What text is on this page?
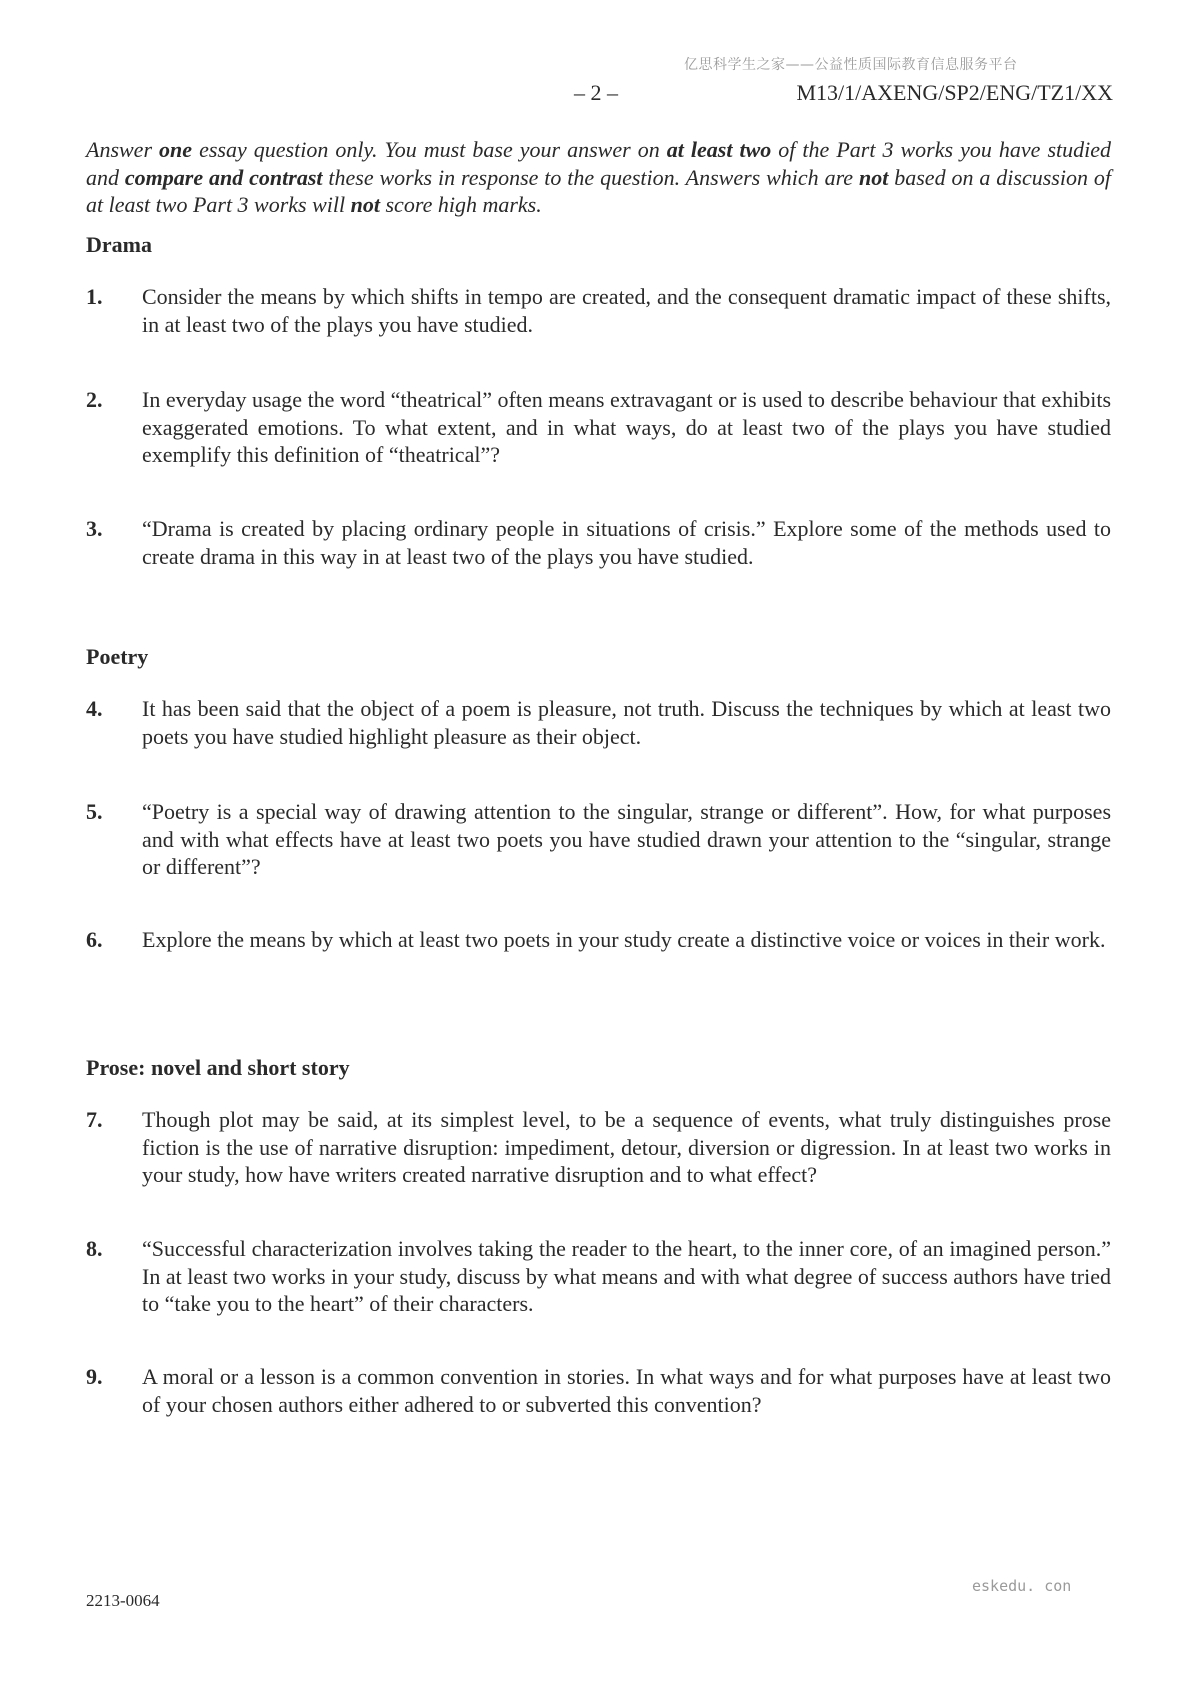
亿思科学生之家——公益性质国际教育信息服务平台
– 2 –	M13/1/AXENG/SP2/ENG/TZ1/XX

Answer one essay question only. You must base your answer on at least two of the Part 3 works you have studied and compare and contrast these works in response to the question. Answers which are not based on a discussion of at least two Part 3 works will not score high marks.

Drama
1. Consider the means by which shifts in tempo are created, and the consequent dramatic impact of these shifts, in at least two of the plays you have studied.
2. In everyday usage the word “theatrical” often means extravagant or is used to describe behaviour that exhibits exaggerated emotions. To what extent, and in what ways, do at least two of the plays you have studied exemplify this definition of “theatrical”?
3. “Drama is created by placing ordinary people in situations of crisis.” Explore some of the methods used to create drama in this way in at least two of the plays you have studied.
Poetry
4. It has been said that the object of a poem is pleasure, not truth. Discuss the techniques by which at least two poets you have studied highlight pleasure as their object.
5. “Poetry is a special way of drawing attention to the singular, strange or different”. How, for what purposes and with what effects have at least two poets you have studied drawn your attention to the “singular, strange or different”?
6. Explore the means by which at least two poets in your study create a distinctive voice or voices in their work.
Prose: novel and short story
7. Though plot may be said, at its simplest level, to be a sequence of events, what truly distinguishes prose fiction is the use of narrative disruption: impediment, detour, diversion or digression. In at least two works in your study, how have writers created narrative disruption and to what effect?
8. “Successful characterization involves taking the reader to the heart, to the inner core, of an imagined person.” In at least two works in your study, discuss by what means and with what degree of success authors have tried to “take you to the heart” of their characters.
9. A moral or a lesson is a common convention in stories. In what ways and for what purposes have at least two of your chosen authors either adhered to or subverted this convention?
2213-0064
eskedu. con
